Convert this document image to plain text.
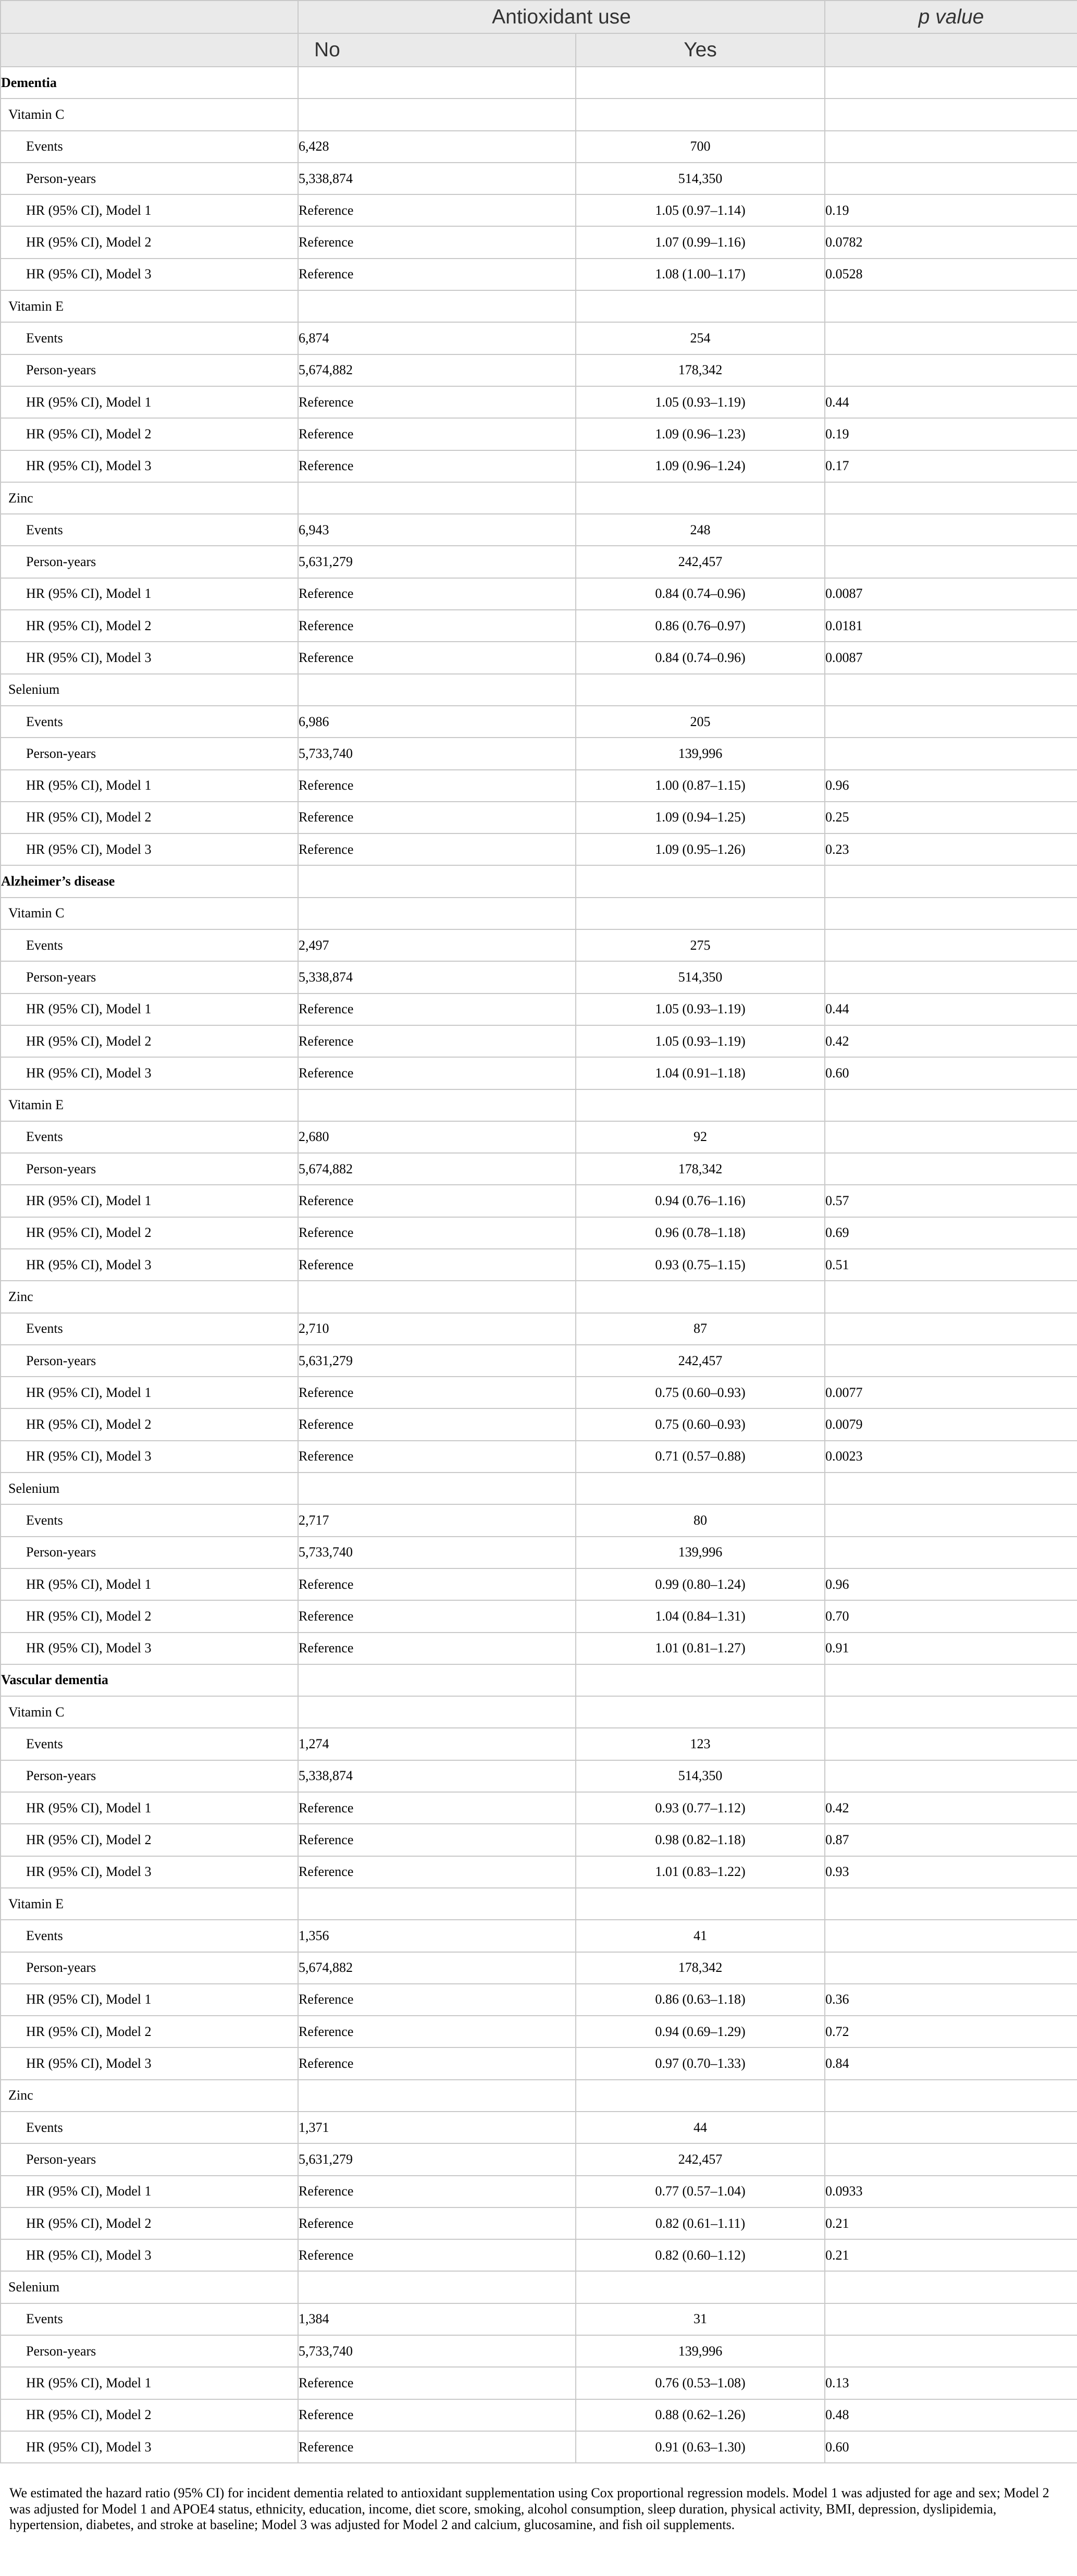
	Antioxidant use		p value
	No	Yes	
Dementia			
Vitamin C			
Events	6,428	700	
Person-years	5,338,874	514,350	
HR (95% CI), Model 1	Reference	1.05 (0.97–1.14)	0.19
HR (95% CI), Model 2	Reference	1.07 (0.99–1.16)	0.0782
HR (95% CI), Model 3	Reference	1.08 (1.00–1.17)	0.0528
Vitamin E			
Events	6,874	254	
Person-years	5,674,882	178,342	
HR (95% CI), Model 1	Reference	1.05 (0.93–1.19)	0.44
HR (95% CI), Model 2	Reference	1.09 (0.96–1.23)	0.19
HR (95% CI), Model 3	Reference	1.09 (0.96–1.24)	0.17
Zinc			
Events	6,943	248	
Person-years	5,631,279	242,457	
HR (95% CI), Model 1	Reference	0.84 (0.74–0.96)	0.0087
HR (95% CI), Model 2	Reference	0.86 (0.76–0.97)	0.0181
HR (95% CI), Model 3	Reference	0.84 (0.74–0.96)	0.0087
Selenium			
Events	6,986	205	
Person-years	5,733,740	139,996	
HR (95% CI), Model 1	Reference	1.00 (0.87–1.15)	0.96
HR (95% CI), Model 2	Reference	1.09 (0.94–1.25)	0.25
HR (95% CI), Model 3	Reference	1.09 (0.95–1.26)	0.23
Alzheimer’s disease			
Vitamin C			
Events	2,497	275	
Person-years	5,338,874	514,350	
HR (95% CI), Model 1	Reference	1.05 (0.93–1.19)	0.44
HR (95% CI), Model 2	Reference	1.05 (0.93–1.19)	0.42
HR (95% CI), Model 3	Reference	1.04 (0.91–1.18)	0.60
Vitamin E			
Events	2,680	92	
Person-years	5,674,882	178,342	
HR (95% CI), Model 1	Reference	0.94 (0.76–1.16)	0.57
HR (95% CI), Model 2	Reference	0.96 (0.78–1.18)	0.69
HR (95% CI), Model 3	Reference	0.93 (0.75–1.15)	0.51
Zinc			
Events	2,710	87	
Person-years	5,631,279	242,457	
HR (95% CI), Model 1	Reference	0.75 (0.60–0.93)	0.0077
HR (95% CI), Model 2	Reference	0.75 (0.60–0.93)	0.0079
HR (95% CI), Model 3	Reference	0.71 (0.57–0.88)	0.0023
Selenium			
Events	2,717	80	
Person-years	5,733,740	139,996	
HR (95% CI), Model 1	Reference	0.99 (0.80–1.24)	0.96
HR (95% CI), Model 2	Reference	1.04 (0.84–1.31)	0.70
HR (95% CI), Model 3	Reference	1.01 (0.81–1.27)	0.91
Vascular dementia			
Vitamin C			
Events	1,274	123	
Person-years	5,338,874	514,350	
HR (95% CI), Model 1	Reference	0.93 (0.77–1.12)	0.42
HR (95% CI), Model 2	Reference	0.98 (0.82–1.18)	0.87
HR (95% CI), Model 3	Reference	1.01 (0.83–1.22)	0.93
Vitamin E			
Events	1,356	41	
Person-years	5,674,882	178,342	
HR (95% CI), Model 1	Reference	0.86 (0.63–1.18)	0.36
HR (95% CI), Model 2	Reference	0.94 (0.69–1.29)	0.72
HR (95% CI), Model 3	Reference	0.97 (0.70–1.33)	0.84
Zinc			
Events	1,371	44	
Person-years	5,631,279	242,457	
HR (95% CI), Model 1	Reference	0.77 (0.57–1.04)	0.0933
HR (95% CI), Model 2	Reference	0.82 (0.61–1.11)	0.21
HR (95% CI), Model 3	Reference	0.82 (0.60–1.12)	0.21
Selenium			
Events	1,384	31	
Person-years	5,733,740	139,996	
HR (95% CI), Model 1	Reference	0.76 (0.53–1.08)	0.13
HR (95% CI), Model 2	Reference	0.88 (0.62–1.26)	0.48
HR (95% CI), Model 3	Reference	0.91 (0.63–1.30)	0.60

We estimated the hazard ratio (95% CI) for incident dementia related to antioxidant supplementation using Cox proportional regression models. Model 1 was adjusted for age and sex; Model 2 was adjusted for Model 1 and APOE4 status, ethnicity, education, income, diet score, smoking, alcohol consumption, sleep duration, physical activity, BMI, depression, dyslipidemia, hypertension, diabetes, and stroke at baseline; Model 3 was adjusted for Model 2 and calcium, glucosamine, and fish oil supplements.
